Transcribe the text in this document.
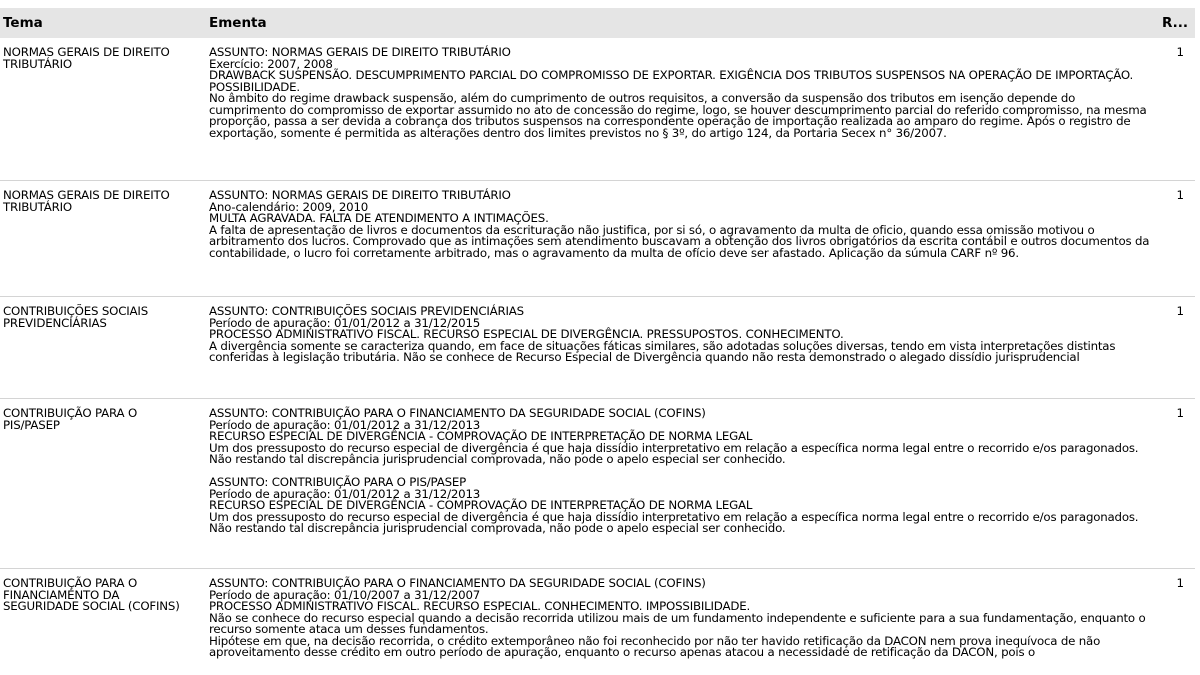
Tema	Ementa	R...
NORMAS GERAIS DE DIREITO TRIBUTÁRIO
ASSUNTO: NORMAS GERAIS DE DIREITO TRIBUTÁRIO
Exercício: 2007, 2008
DRAWBACK SUSPENSÃO. DESCUMPRIMENTO PARCIAL DO COMPROMISSO DE EXPORTAR. EXIGÊNCIA DOS TRIBUTOS SUSPENSOS NA OPERAÇÃO DE IMPORTAÇÃO. POSSIBILIDADE.
No âmbito do regime drawback suspensão, além do cumprimento de outros requisitos, a conversão da suspensão dos tributos em isenção depende do cumprimento do compromisso de exportar assumido no ato de concessão do regime, logo, se houver descumprimento parcial do referido compromisso, na mesma proporção, passa a ser devida a cobrança dos tributos suspensos na correspondente operação de importação realizada ao amparo do regime. Após o registro de exportação, somente é permitida as alterações dentro dos limites previstos no § 3º, do artigo 124, da Portaria Secex n° 36/2007.
1
NORMAS GERAIS DE DIREITO TRIBUTÁRIO
ASSUNTO: NORMAS GERAIS DE DIREITO TRIBUTÁRIO
Ano-calendário: 2009, 2010
MULTA AGRAVADA. FALTA DE ATENDIMENTO A INTIMAÇÕES.
A falta de apresentação de livros e documentos da escrituração não justifica, por si só, o agravamento da multa de oficio, quando essa omissão motivou o arbitramento dos lucros. Comprovado que as intimações sem atendimento buscavam a obtenção dos livros obrigatórios da escrita contábil e outros documentos da contabilidade, o lucro foi corretamente arbitrado, mas o agravamento da multa de ofício deve ser afastado. Aplicação da súmula CARF nº 96.
1
CONTRIBUIÇÕES SOCIAIS PREVIDENCIÁRIAS
ASSUNTO: CONTRIBUIÇÕES SOCIAIS PREVIDENCIÁRIAS
Período de apuração: 01/01/2012 a 31/12/2015
PROCESSO ADMINISTRATIVO FISCAL. RECURSO ESPECIAL DE DIVERGÊNCIA. PRESSUPOSTOS. CONHECIMENTO.
A divergência somente se caracteriza quando, em face de situações fáticas similares, são adotadas soluções diversas, tendo em vista interpretações distintas conferidas à legislação tributária. Não se conhece de Recurso Especial de Divergência quando não resta demonstrado o alegado dissídio jurisprudencial
1
CONTRIBUIÇÃO PARA O PIS/PASEP
ASSUNTO: CONTRIBUIÇÃO PARA O FINANCIAMENTO DA SEGURIDADE SOCIAL (COFINS)
Período de apuração: 01/01/2012 a 31/12/2013
RECURSO ESPECIAL DE DIVERGÊNCIA - COMPROVAÇÃO DE INTERPRETAÇÃO DE NORMA LEGAL
Um dos pressuposto do recurso especial de divergência é que haja dissídio interpretativo em relação a específica norma legal entre o recorrido e/os paragonados. Não restando tal discrepância jurisprudencial comprovada, não pode o apelo especial ser conhecido.
ASSUNTO: CONTRIBUIÇÃO PARA O PIS/PASEP
Período de apuração: 01/01/2012 a 31/12/2013
RECURSO ESPECIAL DE DIVERGÊNCIA - COMPROVAÇÃO DE INTERPRETAÇÃO DE NORMA LEGAL
Um dos pressuposto do recurso especial de divergência é que haja dissídio interpretativo em relação a específica norma legal entre o recorrido e/os paragonados. Não restando tal discrepância jurisprudencial comprovada, não pode o apelo especial ser conhecido.
1
CONTRIBUIÇÃO PARA O FINANCIAMENTO DA SEGURIDADE SOCIAL (COFINS)
ASSUNTO: CONTRIBUIÇÃO PARA O FINANCIAMENTO DA SEGURIDADE SOCIAL (COFINS)
Período de apuração: 01/10/2007 a 31/12/2007
PROCESSO ADMINISTRATIVO FISCAL. RECURSO ESPECIAL. CONHECIMENTO. IMPOSSIBILIDADE.
Não se conhece do recurso especial quando a decisão recorrida utilizou mais de um fundamento independente e suficiente para a sua fundamentação, enquanto o recurso somente ataca um desses fundamentos.
Hipótese em que, na decisão recorrida, o crédito extemporâneo não foi reconhecido por não ter havido retificação da DACON nem prova inequívoca de não aproveitamento desse crédito em outro período de apuração, enquanto o recurso apenas atacou a necessidade de retificação da DACON, pois o
1
